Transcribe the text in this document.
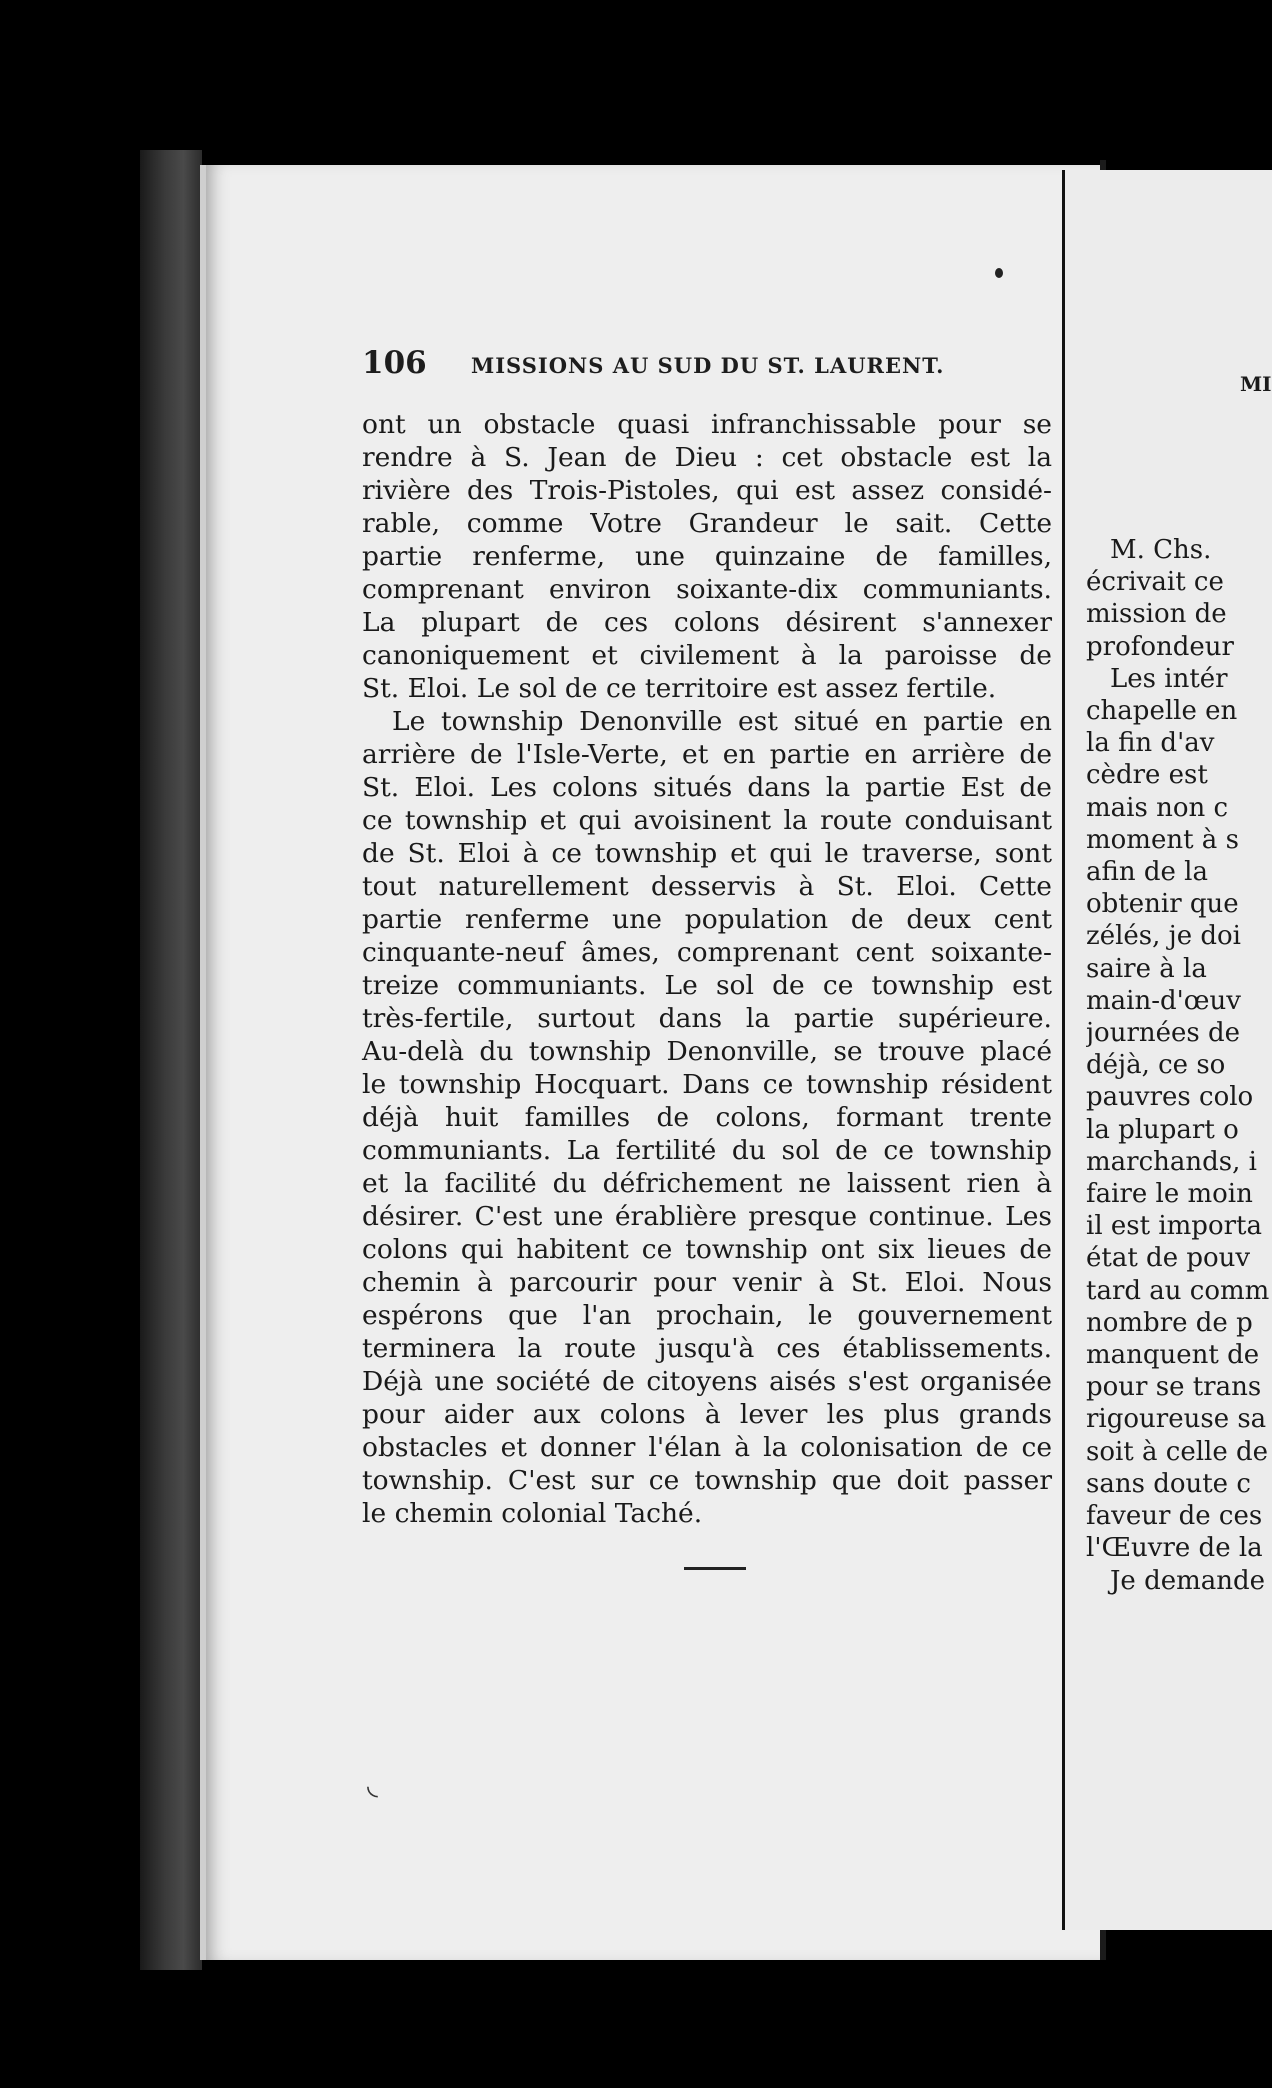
106 MISSIONS AU SUD DU ST. LAURENT.
ont un obstacle quasi infranchissable pour se
rendre à S. Jean de Dieu : cet obstacle est la
rivière des Trois-Pistoles, qui est assez considé-
rable, comme Votre Grandeur le sait. Cette
partie renferme, une quinzaine de familles,
comprenant environ soixante-dix communiants.
La plupart de ces colons désirent s'annexer
canoniquement et civilement à la paroisse de
St. Eloi. Le sol de ce territoire est assez fertile.
Le township Denonville est situé en partie en
arrière de l'Isle-Verte, et en partie en arrière de
St. Eloi. Les colons situés dans la partie Est de
ce township et qui avoisinent la route conduisant
de St. Eloi à ce township et qui le traverse, sont
tout naturellement desservis à St. Eloi. Cette
partie renferme une population de deux cent
cinquante-neuf âmes, comprenant cent soixante-
treize communiants. Le sol de ce township est
très-fertile, surtout dans la partie supérieure.
Au-delà du township Denonville, se trouve placé
le township Hocquart. Dans ce township résident
déjà huit familles de colons, formant trente
communiants. La fertilité du sol de ce township
et la facilité du défrichement ne laissent rien à
désirer. C'est une érablière presque continue. Les
colons qui habitent ce township ont six lieues de
chemin à parcourir pour venir à St. Eloi. Nous
espérons que l'an prochain, le gouvernement
terminera la route jusqu'à ces établissements.
Déjà une société de citoyens aisés s'est organisée
pour aider aux colons à lever les plus grands
obstacles et donner l'élan à la colonisation de ce
township. C'est sur ce township que doit passer
le chemin colonial Taché.
◟
MI
M. Chs.
écrivait ce
mission de
profondeur
Les intér
chapelle en
la fin d'av
cèdre est
mais non c
moment à s
afin de la
obtenir que
zélés, je doi
saire à la
main-d'œuv
journées de
déjà, ce so
pauvres colo
la plupart o
marchands, i
faire le moin
il est importa
état de pouv
tard au comm
nombre de p
manquent de
pour se trans
rigoureuse sa
soit à celle de
sans doute c
faveur de ces
l'Œuvre de la
Je demande
